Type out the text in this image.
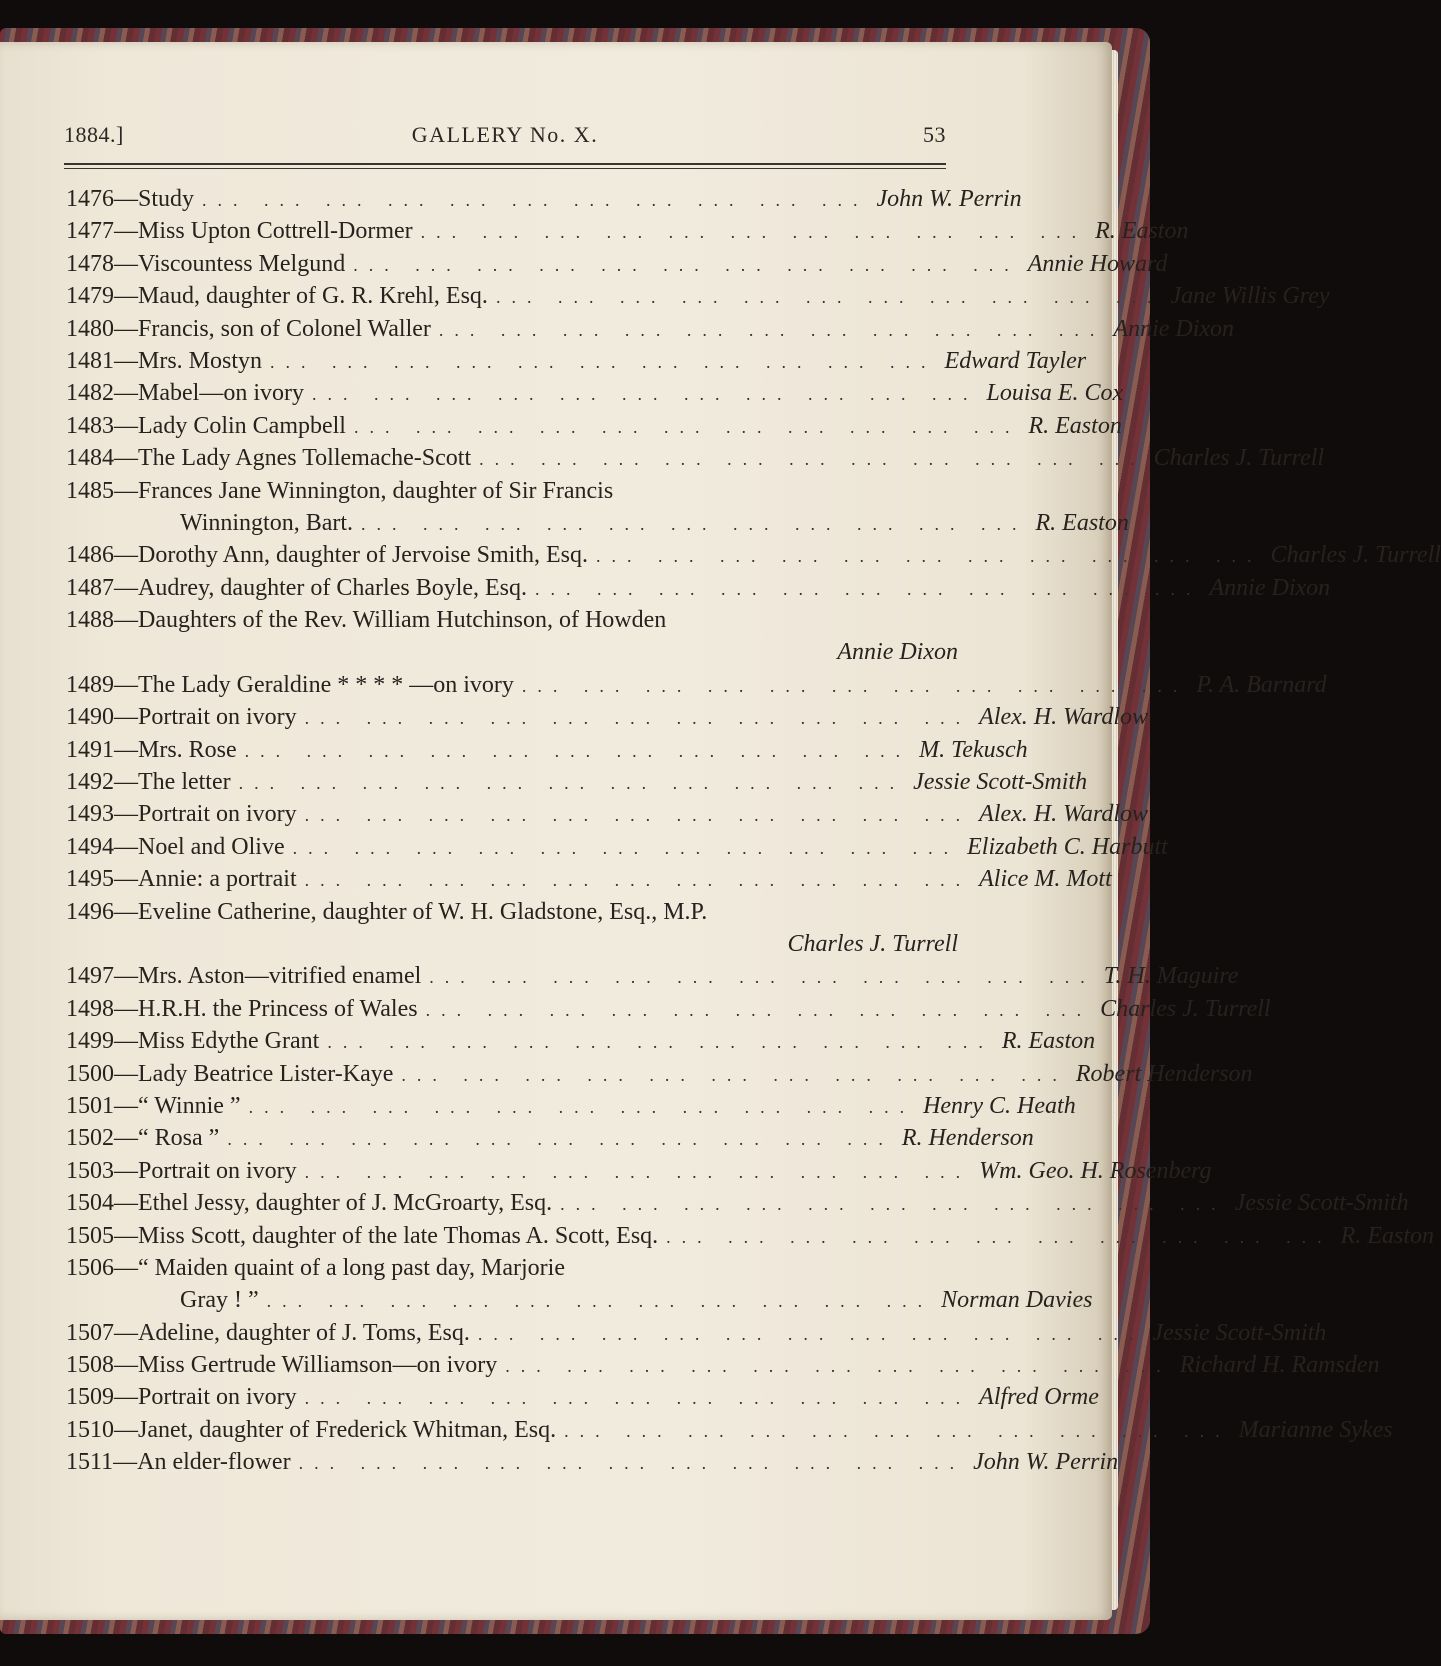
GALLERY No. X.
1884.]	53
1476—Study ... ... ... ... ... ... ... ... ... ... ... John W. Perrin
1477—Miss Upton Cottrell-Dormer ... ... ... ... ... ... ... ... ... ... ... R. Easton
1478—Viscountess Melgund ... ... ... ... ... ... ... ... ... ... ... Annie Howard
1479—Maud, daughter of G. R. Krehl, Esq. ... ... ... ... ... ... ... ... ... ... ... Jane Willis Grey
1480—Francis, son of Colonel Waller ... ... ... ... ... ... ... ... ... ... ... Annie Dixon
1481—Mrs. Mostyn ... ... ... ... ... ... ... ... ... ... ... Edward Tayler
1482—Mabel—on ivory ... ... ... ... ... ... ... ... ... ... ... Louisa E. Cox
1483—Lady Colin Campbell ... ... ... ... ... ... ... ... ... ... ... R. Easton
1484—The Lady Agnes Tollemache-Scott ... ... ... ... ... ... ... ... ... ... ... Charles J. Turrell
1485—Frances Jane Winnington, daughter of Sir Francis
Winnington, Bart. ... ... ... ... ... ... ... ... ... ... ... R. Easton
1486—Dorothy Ann, daughter of Jervoise Smith, Esq. ... ... ... ... ... ... ... ... ... ... ... Charles J. Turrell
1487—Audrey, daughter of Charles Boyle, Esq. ... ... ... ... ... ... ... ... ... ... ... Annie Dixon
1488—Daughters of the Rev. William Hutchinson, of Howden
Annie Dixon
1489—The Lady Geraldine * * * * —on ivory ... ... ... ... ... ... ... ... ... ... ... P. A. Barnard
1490—Portrait on ivory ... ... ... ... ... ... ... ... ... ... ... Alex. H. Wardlow
1491—Mrs. Rose ... ... ... ... ... ... ... ... ... ... ... M. Tekusch
1492—The letter ... ... ... ... ... ... ... ... ... ... ... Jessie Scott-Smith
1493—Portrait on ivory ... ... ... ... ... ... ... ... ... ... ... Alex. H. Wardlow
1494—Noel and Olive ... ... ... ... ... ... ... ... ... ... ... Elizabeth C. Harbutt
1495—Annie: a portrait ... ... ... ... ... ... ... ... ... ... ... Alice M. Mott
1496—Eveline Catherine, daughter of W. H. Gladstone, Esq., M.P.
Charles J. Turrell
1497—Mrs. Aston—vitrified enamel ... ... ... ... ... ... ... ... ... ... ... T. H. Maguire
1498—H.R.H. the Princess of Wales ... ... ... ... ... ... ... ... ... ... ... Charles J. Turrell
1499—Miss Edythe Grant ... ... ... ... ... ... ... ... ... ... ... R. Easton
1500—Lady Beatrice Lister-Kaye ... ... ... ... ... ... ... ... ... ... ... Robert Henderson
1501—“ Winnie ” ... ... ... ... ... ... ... ... ... ... ... Henry C. Heath
1502—“ Rosa ” ... ... ... ... ... ... ... ... ... ... ... R. Henderson
1503—Portrait on ivory ... ... ... ... ... ... ... ... ... ... ... Wm. Geo. H. Rosenberg
1504—Ethel Jessy, daughter of J. McGroarty, Esq. ... ... ... ... ... ... ... ... ... ... ... Jessie Scott-Smith
1505—Miss Scott, daughter of the late Thomas A. Scott, Esq. ... ... ... ... ... ... ... ... ... ... ... R. Easton
1506—“ Maiden quaint of a long past day, Marjorie
Gray ! ” ... ... ... ... ... ... ... ... ... ... ... Norman Davies
1507—Adeline, daughter of J. Toms, Esq. ... ... ... ... ... ... ... ... ... ... ... Jessie Scott-Smith
1508—Miss Gertrude Williamson—on ivory ... ... ... ... ... ... ... ... ... ... ... Richard H. Ramsden
1509—Portrait on ivory ... ... ... ... ... ... ... ... ... ... ... Alfred Orme
1510—Janet, daughter of Frederick Whitman, Esq. ... ... ... ... ... ... ... ... ... ... ... Marianne Sykes
1511—An elder-flower ... ... ... ... ... ... ... ... ... ... ... John W. Perrin
